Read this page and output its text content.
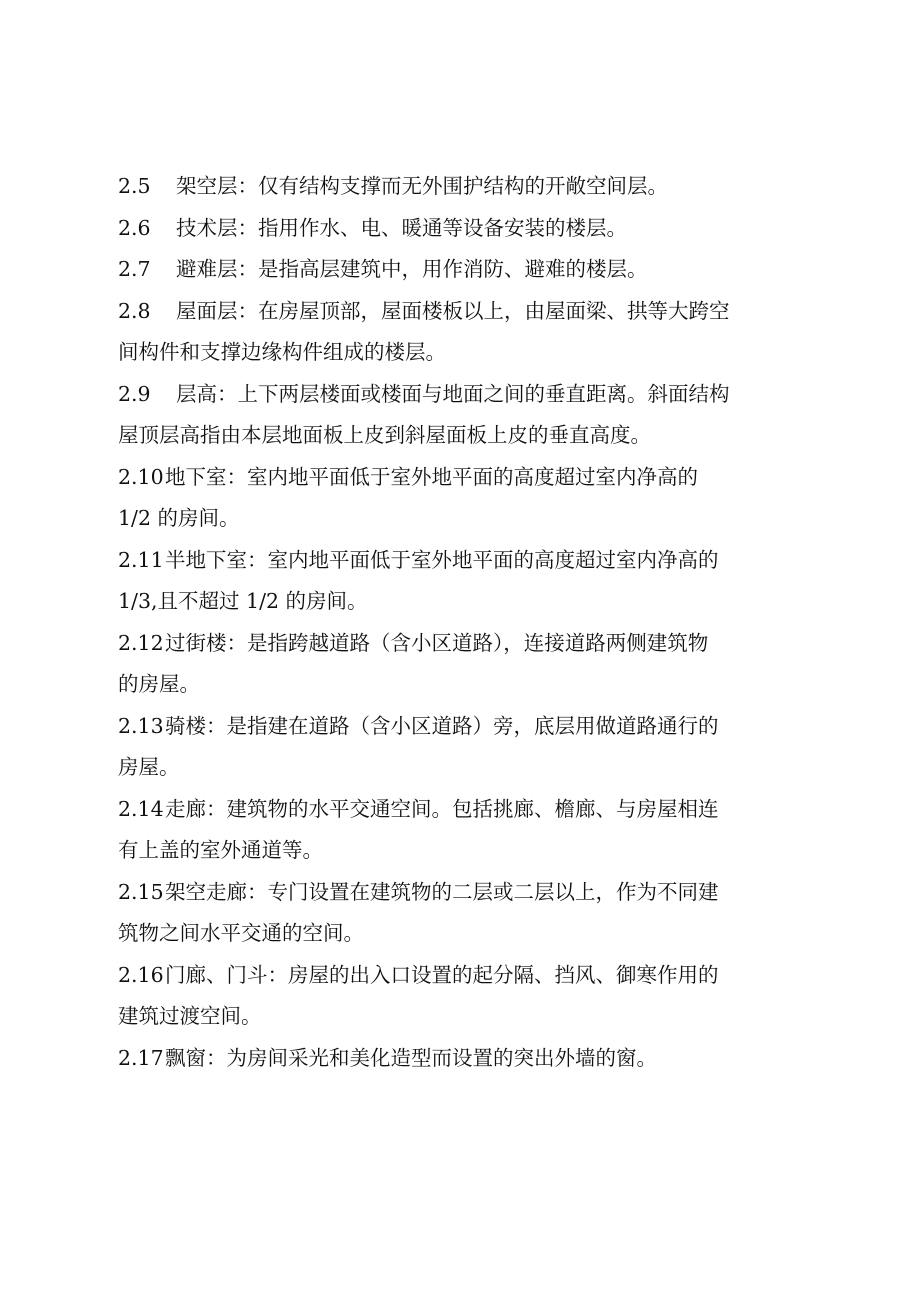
2.5 架空层：仅有结构支撑而无外围护结构的开敞空间层。
2.6 技术层：指用作水、电、暖通等设备安装的楼层。
2.7 避难层：是指高层建筑中，用作消防、避难的楼层。
2.8 屋面层：在房屋顶部，屋面楼板以上，由屋面梁、拱等大跨空
间构件和支撑边缘构件组成的楼层。
2.9 层高：上下两层楼面或楼面与地面之间的垂直距离。斜面结构
屋顶层高指由本层地面板上皮到斜屋面板上皮的垂直高度。
2.10地下室：室内地平面低于室外地平面的高度超过室内净高的
1/2 的房间。
2.11半地下室：室内地平面低于室外地平面的高度超过室内净高的
1/3,且不超过 1/2 的房间。
2.12过街楼：是指跨越道路（含小区道路），连接道路两侧建筑物
的房屋。
2.13骑楼：是指建在道路（含小区道路）旁，底层用做道路通行的
房屋。
2.14走廊：建筑物的水平交通空间。包括挑廊、檐廊、与房屋相连
有上盖的室外通道等。
2.15架空走廊：专门设置在建筑物的二层或二层以上，作为不同建
筑物之间水平交通的空间。
2.16门廊、门斗：房屋的出入口设置的起分隔、挡风、御寒作用的
建筑过渡空间。
2.17飘窗：为房间采光和美化造型而设置的突出外墙的窗。
